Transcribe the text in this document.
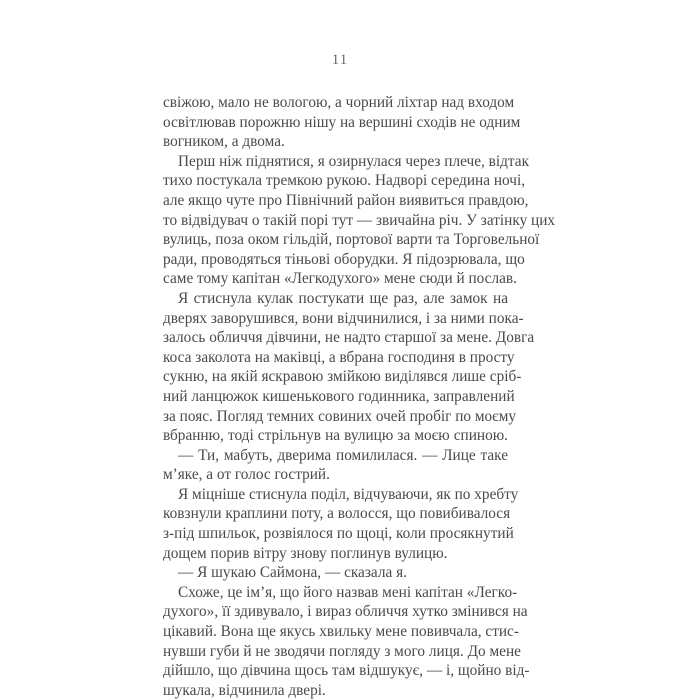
11

свіжою, мало не вологою, а чорний ліхтар над входом
освітлював порожню нішу на вершині сходів не одним
вогником, а двома.

Перш ніж піднятися, я озирнулася через плече, відтак
тихо постукала тремкою рукою. Надворі середина ночі,
але якщо чуте про Північний район виявиться правдою,
то відвідувач о такій порі тут — звичайна річ. У затінку цих
вулиць, поза оком гільдій, портової варти та Торговельної
ради, проводяться тіньові оборудки. Я підозрювала, що
саме тому капітан «Легкодухого» мене сюди й послав.

Я стиснула кулак постукати ще раз, але замок на
дверях заворушився, вони відчинилися, і за ними пока-
залось обличчя дівчини, не надто старшої за мене. Довга
коса заколота на маківці, а вбрана господиня в просту
сукню, на якій яскравою змійкою виділявся лише сріб-
ний ланцюжок кишенькового годинника, заправлений
за пояс. Погляд темних совиних очей пробіг по моєму
вбранню, тоді стрільнув на вулицю за моєю спиною.

— Ти, мабуть, дверима помилилася. — Лице таке
м’яке, а от голос гострий.

Я міцніше стиснула поділ, відчуваючи, як по хребту
ковзнули краплини поту, а волосся, що повибивалося
з-під шпильок, розвіялося по щоці, коли просякнутий
дощем порив вітру знову поглинув вулицю.

— Я шукаю Саймона, — сказала я.

Схоже, це ім’я, що його назвав мені капітан «Легко-
духого», її здивувало, і вираз обличчя хутко змінився на
цікавий. Вона ще якусь хвильку мене повивчала, стис-
нувши губи й не зводячи погляду з мого лиця. До мене
дійшло, що дівчина щось там відшукує, — і, щойно від-
шукала, відчинила двері.
